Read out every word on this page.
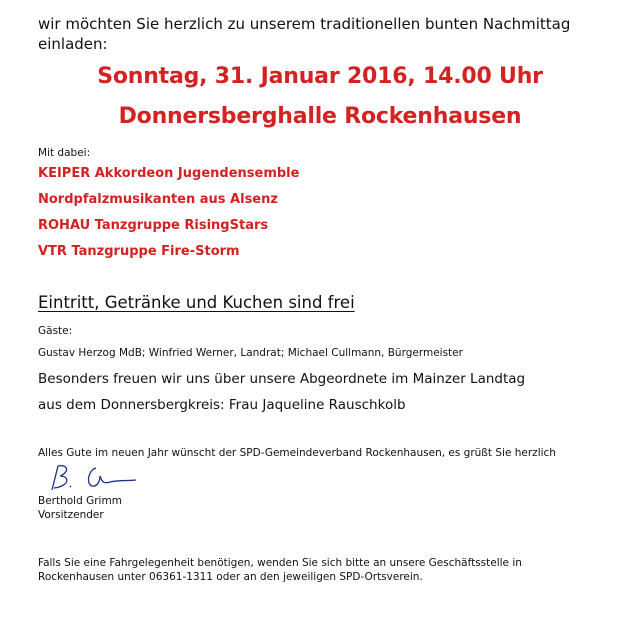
wir möchten Sie herzlich zu unserem traditionellen bunten Nachmittag einladen:

Sonntag, 31. Januar 2016, 14.00 Uhr
Donnersberghalle Rockenhausen
Mit dabei:
KEIPER Akkordeon Jugendensemble
Nordpfalzmusikanten aus Alsenz
ROHAU Tanzgruppe RisingStars
VTR Tanzgruppe Fire-Storm
Eintritt, Getränke und Kuchen sind frei
Gäste:
Gustav Herzog MdB; Winfried Werner, Landrat; Michael Cullmann, Bürgermeister
Besonders freuen wir uns über unsere Abgeordnete im Mainzer Landtag
aus dem Donnersbergkreis: Frau Jaqueline Rauschkolb
Alles Gute im neuen Jahr wünscht der SPD-Gemeindeverband Rockenhausen, es grüßt Sie herzlich
Berthold Grimm
Vorsitzender
Falls Sie eine Fahrgelegenheit benötigen, wenden Sie sich bitte an unsere Geschäftsstelle in
Rockenhausen unter 06361-1311 oder an den jeweiligen SPD-Ortsverein.
